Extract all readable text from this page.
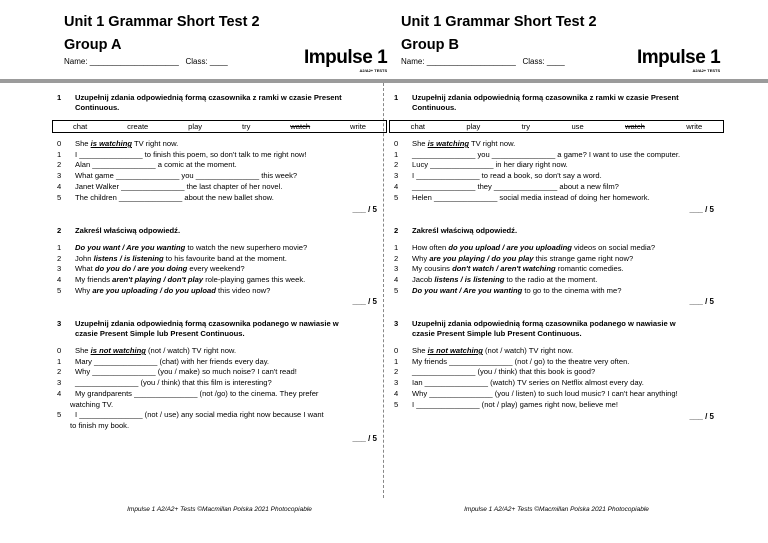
Unit 1 Grammar Short Test 2
Group A
Name: ____________________ Class: ____	Impulse 1
A2/A2+ TESTS
1	Uzupełnij zdania odpowiednią formą czasownika z ramki w czasie Present Continuous.
chat	create	play	try	watch	write
0	She is watching TV right now.
1	I _______________ to finish this poem, so don't talk to me right now!
2	Alan _______________ a comic at the moment.
3	What game _______________ you _______________ this week?
4	Janet Walker _______________ the last chapter of her novel.
5	The children _______________ about the new ballet show.
___ / 5
2	Zakreśl właściwą odpowiedź.
1	Do you want / Are you wanting to watch the new superhero movie?
2	John listens / is listening to his favourite band at the moment.
3	What do you do / are you doing every weekend?
4	My friends aren't playing / don't play role-playing games this week.
5	Why are you uploading / do you upload this video now?
___ / 5
3	Uzupełnij zdania odpowiednią formą czasownika podanego w nawiasie w czasie Present Simple lub Present Continuous.
0	She is not watching (not / watch) TV right now.
1	Mary _______________ (chat) with her friends every day.
2	Why _______________ (you / make) so much noise? I can't read!
3	_______________ (you / think) that this film is interesting?
4	My grandparents _______________ (not /go) to the cinema. They prefer
watching TV.
5	I _______________ (not / use) any social media right now because I want
to finish my book.
___ / 5
Impulse 1 A2/A2+ Tests ©Macmillan Polska 2021 Photocopiable
Unit 1 Grammar Short Test 2
Group B
Name: ____________________ Class: ____	Impulse 1
A2/A2+ TESTS
1	Uzupełnij zdania odpowiednią formą czasownika z ramki w czasie Present Continuous.
chat	play	try	use	watch	write
0	She is watching TV right now.
1	_______________ you _______________ a game? I want to use the computer.
2	Lucy _______________ in her diary right now.
3	I _______________ to read a book, so don't say a word.
4	_______________ they _______________ about a new film?
5	Helen _______________ social media instead of doing her homework.
___ / 5
2	Zakreśl właściwą odpowiedź.
1	How often do you upload / are you uploading videos on social media?
2	Why are you playing / do you play this strange game right now?
3	My cousins don't watch / aren't watching romantic comedies.
4	Jacob listens / is listening to the radio at the moment.
5	Do you want / Are you wanting to go to the cinema with me?
___ / 5
3	Uzupełnij zdania odpowiednią formą czasownika podanego w nawiasie w czasie Present Simple lub Present Continuous.
0	She is not watching (not / watch) TV right now.
1	My friends _______________ (not / go) to the theatre very often.
2	_______________ (you / think) that this book is good?
3	Ian _______________ (watch) TV series on Netflix almost every day.
4	Why _______________ (you / listen) to such loud music? I can't hear anything!
5	I _______________ (not / play) games right now, believe me!
___ / 5
Impulse 1 A2/A2+ Tests ©Macmillan Polska 2021 Photocopiable
